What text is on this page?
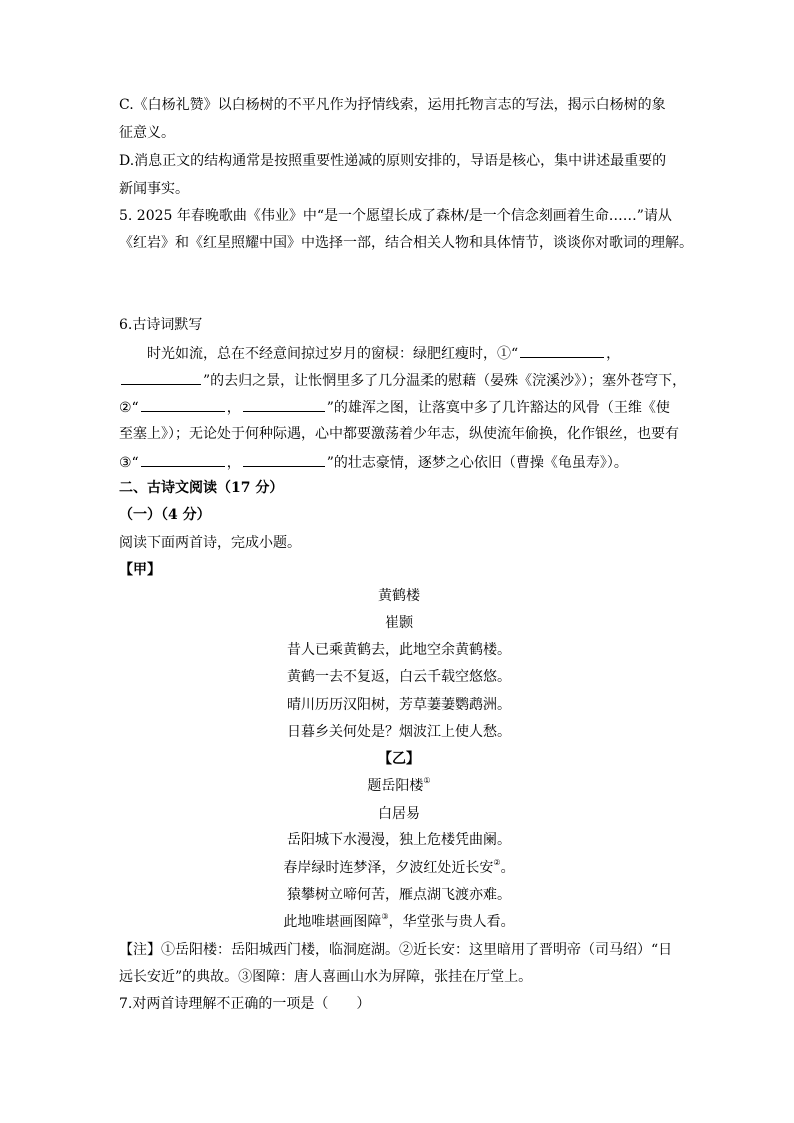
C.《白杨礼赞》以白杨树的不平凡作为抒情线索，运用托物言志的写法，揭示白杨树的象
征意义。
D.消息正文的结构通常是按照重要性递减的原则安排的，导语是核心，集中讲述最重要的
新闻事实。
5. 2025 年春晚歌曲《伟业》中“是一个愿望长成了森林/是一个信念刻画着生命……”请从
《红岩》和《红星照耀中国》中选择一部，结合相关人物和具体情节，谈谈你对歌词的理解。
6.古诗词默写
时光如流，总在不经意间掠过岁月的窗棂：绿肥红瘦时，①“	，
”的去归之景，让怅惘里多了几分温柔的慰藉（晏殊《浣溪沙》）；塞外苍穹下，
②“	，	”的雄浑之图，让落寞中多了几许豁达的风骨（王维《使
至塞上》）；无论处于何种际遇，心中都要激荡着少年志，纵使流年偷换，化作银丝，也要有
③“	，	”的壮志豪情，逐梦之心依旧（曹操《龟虽寿》）。
二、古诗文阅读（17 分）
（一）（4 分）
阅读下面两首诗，完成小题。
【甲】
黄鹤楼
崔颢
昔人已乘黄鹤去，此地空余黄鹤楼。
黄鹤一去不复返，白云千载空悠悠。
晴川历历汉阳树，芳草萋萋鹦鹉洲。
日暮乡关何处是？烟波江上使人愁。
【乙】
题岳阳楼①
白居易
岳阳城下水漫漫，独上危楼凭曲阑。
春岸绿时连梦泽，夕波红处近长安②。
猿攀树立啼何苦，雁点湖飞渡亦难。
此地唯堪画图障③，华堂张与贵人看。
【注】①岳阳楼：岳阳城西门楼，临洞庭湖。②近长安：这里暗用了晋明帝（司马绍）“日
远长安近”的典故。③图障：唐人喜画山水为屏障，张挂在厅堂上。
7.对两首诗理解不正确的一项是（　　）
